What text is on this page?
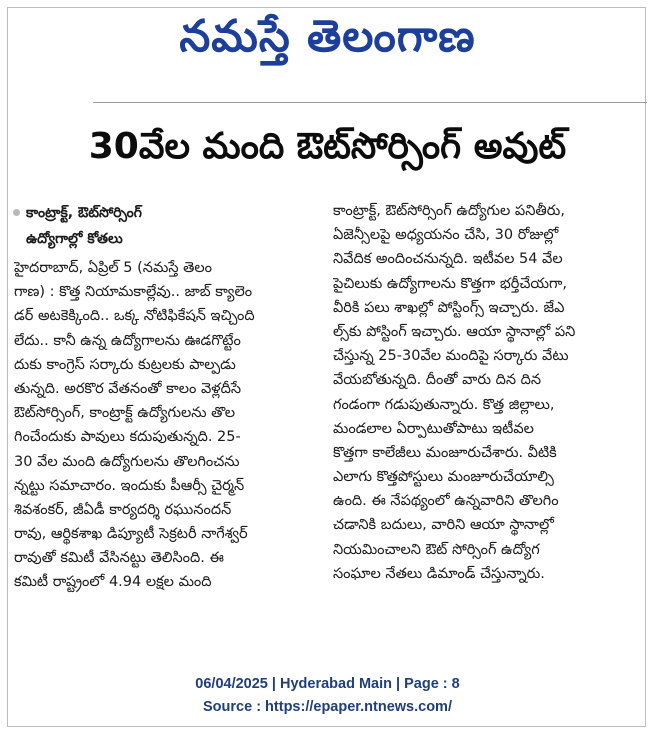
నమస్తే తెలంగాణ
30వేల మంది ఔట్‌సోర్సింగ్ అవుట్
కాంట్రాక్ట్, ఔట్‌సోర్సింగ్
ఉద్యోగాల్లో కోతలు
హైదరాబాద్, ఏప్రిల్ 5 (నమస్తే తెలం
గాణ) : కొత్త నియామకాల్లేవు.. జాబ్ క్యాలెం
డర్ అటకెక్కింది.. ఒక్క నోటిఫికేషన్ ఇచ్చింది
లేదు.. కానీ ఉన్న ఉద్యోగాలను ఊడగొట్టేం
దుకు కాంగ్రెస్ సర్కారు కుట్రలకు పాల్పడు
తున్నది. అరకొర వేతనంతో కాలం వెళ్లదీసే
ఔట్‌సోర్సింగ్, కాంట్రాక్ట్ ఉద్యోగులను తొల
గించేందుకు పావులు కదుపుతున్నది. 25-
30 వేల మంది ఉద్యోగులను తొలగించను
న్నట్టు సమాచారం. ఇందుకు పీఆర్సీ చైర్మన్
శివశంకర్, జీఏడీ కార్యదర్శి రఘునందన్
రావు, ఆర్థికశాఖ డిప్యూటీ సెక్రటరీ నాగేశ్వర్
రావుతో కమిటీ వేసినట్టు తెలిసింది. ఈ
కమిటీ రాష్ట్రంలో 4.94 లక్షల మంది
కాంట్రాక్ట్, ఔట్‌సోర్సింగ్ ఉద్యోగుల పనితీరు,
ఏజెన్సీలపై అధ్యయనం చేసి, 30 రోజుల్లో
నివేదిక అందించనున్నది. ఇటీవల 54 వేల
పైచిలుకు ఉద్యోగాలను కొత్తగా భర్తీచేయగా,
వీరికి పలు శాఖల్లో పోస్టింగ్స్ ఇచ్చారు. జేఎ
ల్స్‌కు పోస్టింగ్ ఇచ్చారు. ఆయా స్థానాల్లో పని
చేస్తున్న 25-30వేల మందిపై సర్కారు వేటు
వేయబోతున్నది. దీంతో వారు దిన దిన
గండంగా గడుపుతున్నారు. కొత్త జిల్లాలు,
మండలాల ఏర్పాటుతోపాటు ఇటీవల
కొత్తగా కాలేజీలు మంజూరుచేశారు. వీటికి
ఎలాగు కొత్తపోస్టులు మంజూరుచేయాల్సి
ఉంది. ఈ నేపథ్యంలో ఉన్నవారిని తొలగిం
చడానికి బదులు, వారిని ఆయా స్థానాల్లో
నియమించాలని ఔట్ సోర్సింగ్ ఉద్యోగ
సంఘాల నేతలు డిమాండ్ చేస్తున్నారు.
06/04/2025 | Hyderabad Main | Page : 8
Source : https://epaper.ntnews.com/
